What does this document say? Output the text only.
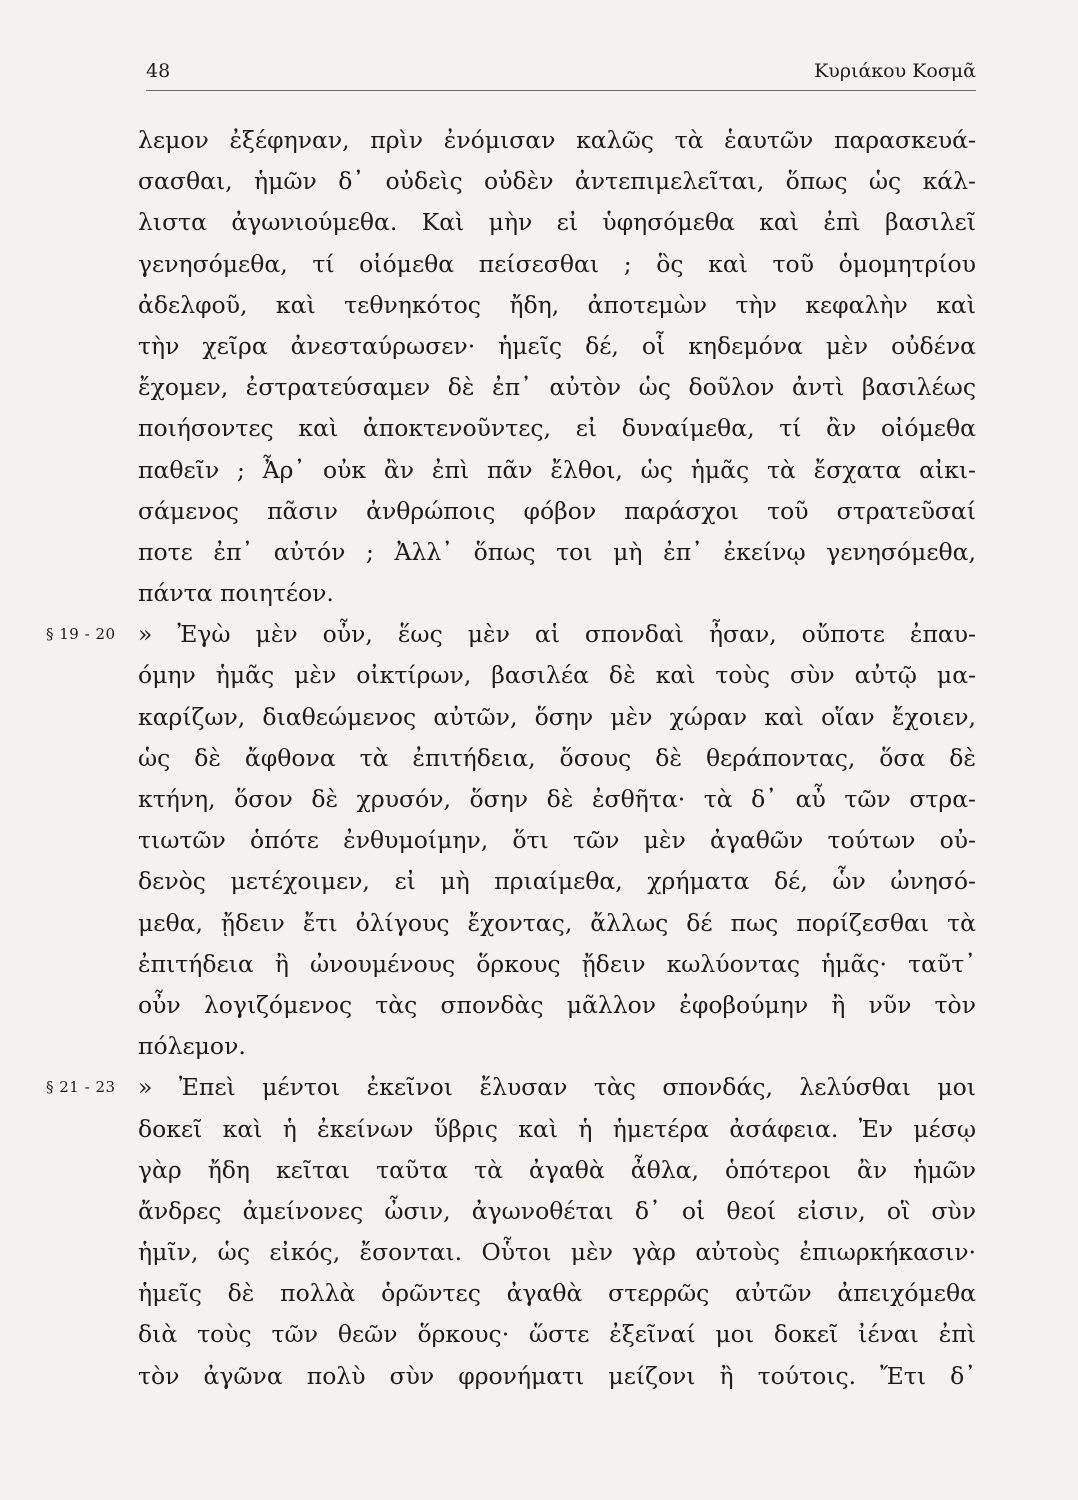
48	Κυριάκου Κοσμᾶ
λεμον ἐξέφηναν, πρὶν ἐνόμισαν καλῶς τὰ ἑαυτῶν παρασκευά-
σασθαι, ἡμῶν δ᾽ οὐδεὶς οὐδὲν ἀντεπιμελεῖται, ὅπως ὡς κάλ-
λιστα ἀγωνιούμεθα. Καὶ μὴν εἰ ὑφησόμεθα καὶ ἐπὶ βασιλεῖ
γενησόμεθα, τί οἰόμεθα πείσεσθαι ; ὃς καὶ τοῦ ὁμομητρίου
ἀδελφοῦ, καὶ τεθνηκότος ἤδη, ἀποτεμὼν τὴν κεφαλὴν καὶ
τὴν χεῖρα ἀνεσταύρωσεν· ἡμεῖς δέ, οἷ κηδεμόνα μὲν οὐδένα
ἔχομεν, ἐστρατεύσαμεν δὲ ἐπ᾽ αὐτὸν ὡς δοῦλον ἀντὶ βασιλέως
ποιήσοντες καὶ ἀποκτενοῦντες, εἰ δυναίμεθα, τί ἂν οἰόμεθα
παθεῖν ; Ἆρ᾽ οὐκ ἂν ἐπὶ πᾶν ἔλθοι, ὡς ἡμᾶς τὰ ἔσχατα αἰκι-
σάμενος πᾶσιν ἀνθρώποις φόβον παράσχοι τοῦ στρατεῦσαί
ποτε ἐπ᾽ αὐτόν ; Ἀλλ᾽ ὅπως τοι μὴ ἐπ᾽ ἐκείνῳ γενησόμεθα,
πάντα ποιητέον.
§ 19 - 20 » Ἐγὼ μὲν οὖν, ἕως μὲν αἱ σπονδαὶ ἦσαν, οὔποτε ἐπαυ-
όμην ἡμᾶς μὲν οἰκτίρων, βασιλέα δὲ καὶ τοὺς σὺν αὐτῷ μα-
καρίζων, διαθεώμενος αὐτῶν, ὅσην μὲν χώραν καὶ οἵαν ἔχοιεν,
ὡς δὲ ἄφθονα τὰ ἐπιτήδεια, ὅσους δὲ θεράποντας, ὅσα δὲ
κτήνη, ὅσον δὲ χρυσόν, ὅσην δὲ ἐσθῆτα· τὰ δ᾽ αὖ τῶν στρα-
τιωτῶν ὁπότε ἐνθυμοίμην, ὅτι τῶν μὲν ἀγαθῶν τούτων οὐ-
δενὸς μετέχοιμεν, εἰ μὴ πριαίμεθα, χρήματα δέ, ὧν ὠνησό-
μεθα, ᾔδειν ἔτι ὀλίγους ἔχοντας, ἄλλως δέ πως πορίζεσθαι τὰ
ἐπιτήδεια ἢ ὠνουμένους ὅρκους ᾔδειν κωλύοντας ἡμᾶς· ταῦτ᾽
οὖν λογιζόμενος τὰς σπονδὰς μᾶλλον ἐφοβούμην ἢ νῦν τὸν
πόλεμον.
§ 21 - 23 » Ἐπεὶ μέντοι ἐκεῖνοι ἔλυσαν τὰς σπονδάς, λελύσθαι μοι
δοκεῖ καὶ ἡ ἐκείνων ὕβρις καὶ ἡ ἡμετέρα ἀσάφεια. Ἐν μέσῳ
γὰρ ἤδη κεῖται ταῦτα τὰ ἀγαθὰ ἆθλα, ὁπότεροι ἂν ἡμῶν
ἄνδρες ἀμείνονες ὦσιν, ἀγωνοθέται δ᾽ οἱ θεοί εἰσιν, οἳ σὺν
ἡμῖν, ὡς εἰκός, ἔσονται. Οὗτοι μὲν γὰρ αὐτοὺς ἐπιωρκήκασιν·
ἡμεῖς δὲ πολλὰ ὁρῶντες ἀγαθὰ στερρῶς αὐτῶν ἀπειχόμεθα
διὰ τοὺς τῶν θεῶν ὅρκους· ὥστε ἐξεῖναί μοι δοκεῖ ἰέναι ἐπὶ
τὸν ἀγῶνα πολὺ σὺν φρονήματι μείζονι ἢ τούτοις. Ἔτι δ᾽
